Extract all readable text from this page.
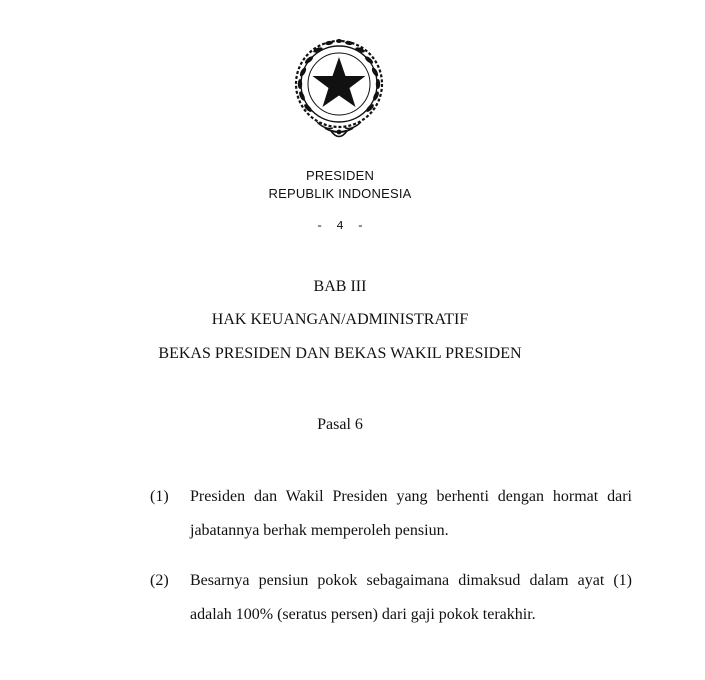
PRESIDEN
REPUBLIK INDONESIA
- 4 -
BAB III
HAK KEUANGAN/ADMINISTRATIF
BEKAS PRESIDEN DAN BEKAS WAKIL PRESIDEN
Pasal 6
(1) Presiden dan Wakil Presiden yang berhenti dengan hormat dari jabatannya berhak memperoleh pensiun.
(2) Besarnya pensiun pokok sebagaimana dimaksud dalam ayat (1) adalah 100% (seratus persen) dari gaji pokok terakhir.
